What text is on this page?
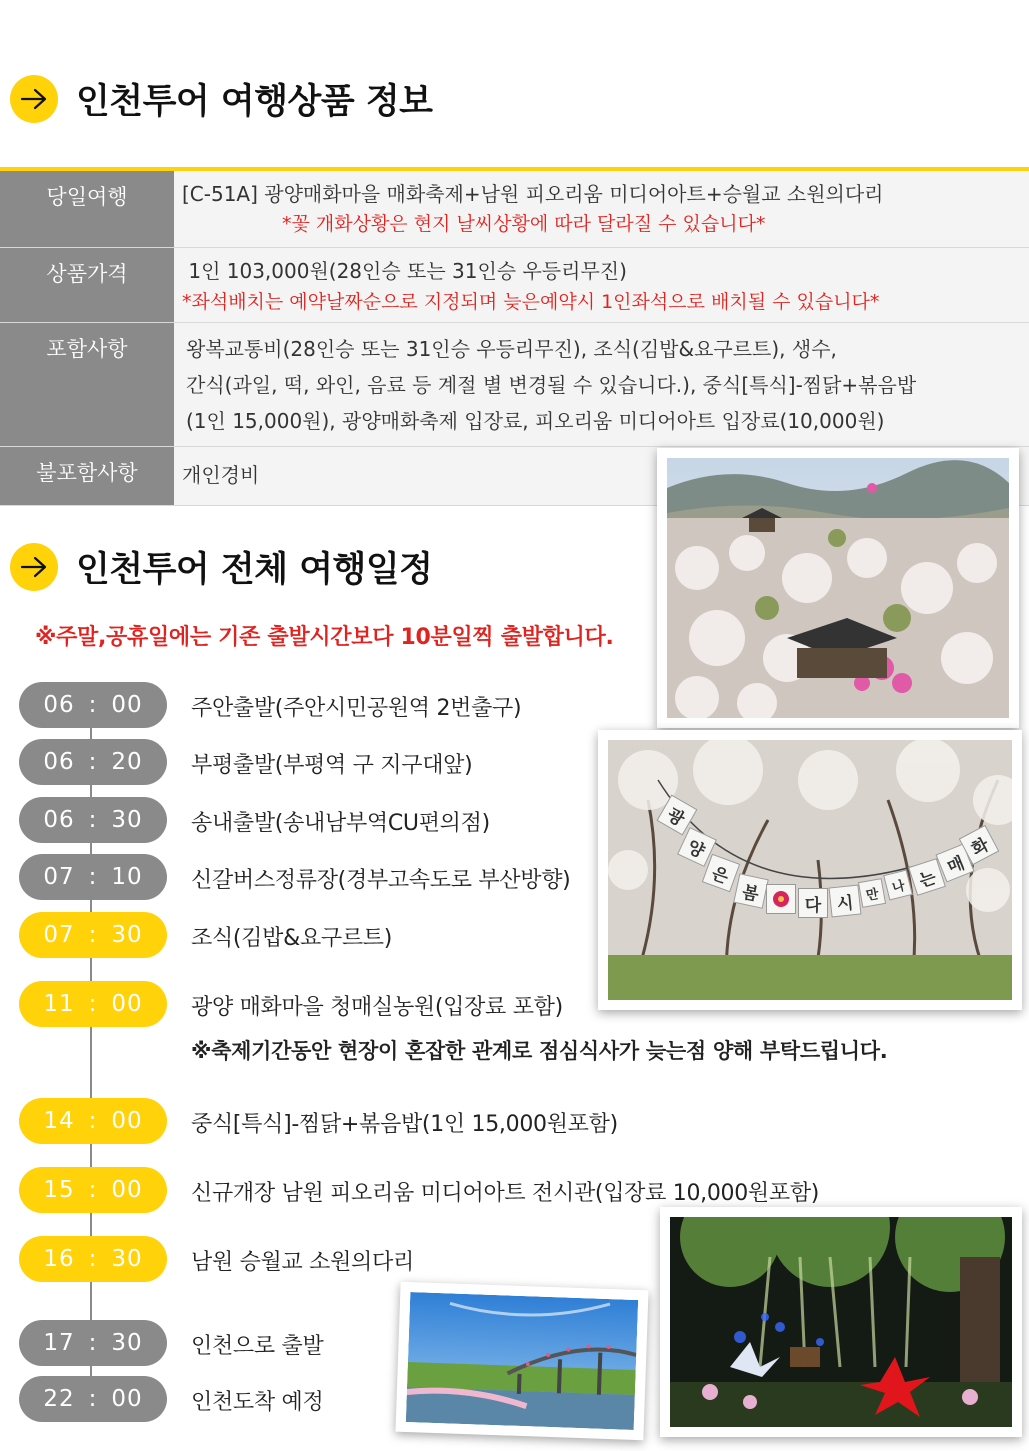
인천투어 여행상품 정보
당일여행	[C-51A] 광양매화마을 매화축제+남원 피오리움 미디어아트+승월교 소원의다리
*꽃 개화상황은 현지 날씨상황에 따라 달라질 수 있습니다*
상품가격	1인 103,000원(28인승 또는 31인승 우등리무진)
*좌석배치는 예약날짜순으로 지정되며 늦은예약시 1인좌석으로 배치될 수 있습니다*
포함사항	왕복교통비(28인승 또는 31인승 우등리무진), 조식(김밥&요구르트), 생수,
간식(과일, 떡, 와인, 음료 등 계절 별 변경될 수 있습니다.), 중식[특식]-찜닭+볶음밥
(1인 15,000원), 광양매화축제 입장료, 피오리움 미디어아트 입장료(10,000원)
불포함사항	개인경비
인천투어 전체 여행일정
※주말,공휴일에는 기존 출발시간보다 10분일찍 출발합니다.
06 : 00 주안출발(주안시민공원역 2번출구)
06 : 20 부평출발(부평역 구 지구대앞)
06 : 30 송내출발(송내남부역CU편의점)
07 : 10 신갈버스정류장(경부고속도로 부산방향)
07 : 30 조식(김밥&요구르트)
11 : 00 광양 매화마을 청매실농원(입장료 포함)
※축제기간동안 현장이 혼잡한 관계로 점심식사가 늦는점 양해 부탁드립니다.
14 : 00 중식[특식]-찜닭+볶음밥(1인 15,000원포함)
15 : 00 신규개장 남원 피오리움 미디어아트 전시관(입장료 10,000원포함)
16 : 30 남원 승월교 소원의다리
17 : 30 인천으로 출발
22 : 00 인천도착 예정
광
양
은
봄
다 시 만 나 는
매
화
